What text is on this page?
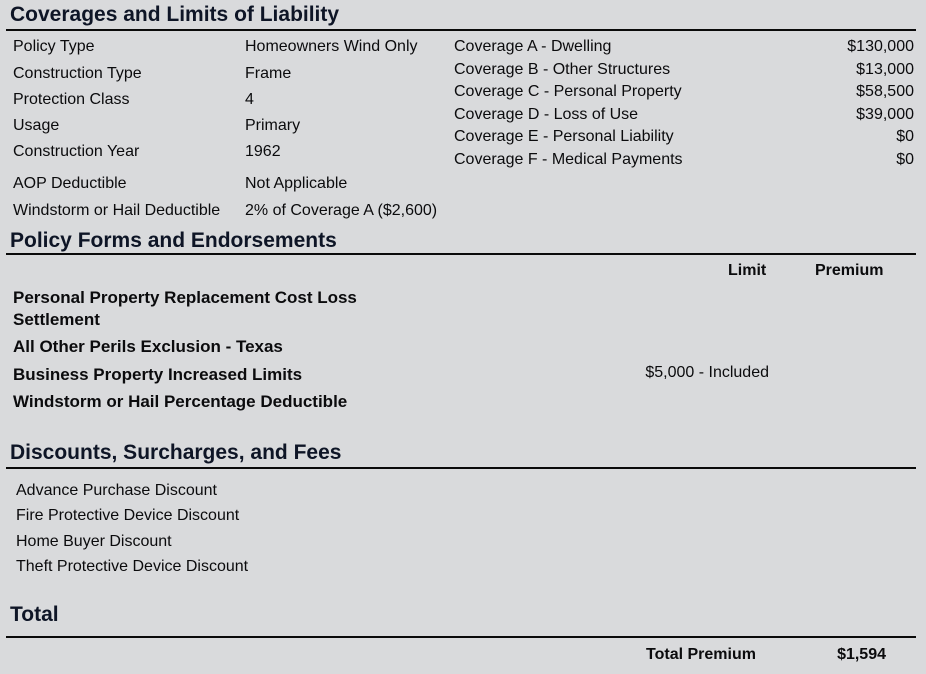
Coverages and Limits of Liability
Policy Type	Homeowners Wind Only
Construction Type	Frame
Protection Class	4
Usage	Primary
Construction Year	1962
AOP Deductible	Not Applicable
Windstorm or Hail Deductible 2% of Coverage A ($2,600)
Coverage A - Dwelling	$130,000
Coverage B - Other Structures	$13,000
Coverage C - Personal Property	$58,500
Coverage D - Loss of Use	$39,000
Coverage E - Personal Liability	$0
Coverage F - Medical Payments	$0
Policy Forms and Endorsements
Limit	Premium
Personal Property Replacement Cost Loss
Settlement
All Other Perils Exclusion - Texas
Business Property Increased Limits	$5,000 - Included
Windstorm or Hail Percentage Deductible
Discounts, Surcharges, and Fees
Advance Purchase Discount
Fire Protective Device Discount
Home Buyer Discount
Theft Protective Device Discount
Total
Total Premium	$1,594
